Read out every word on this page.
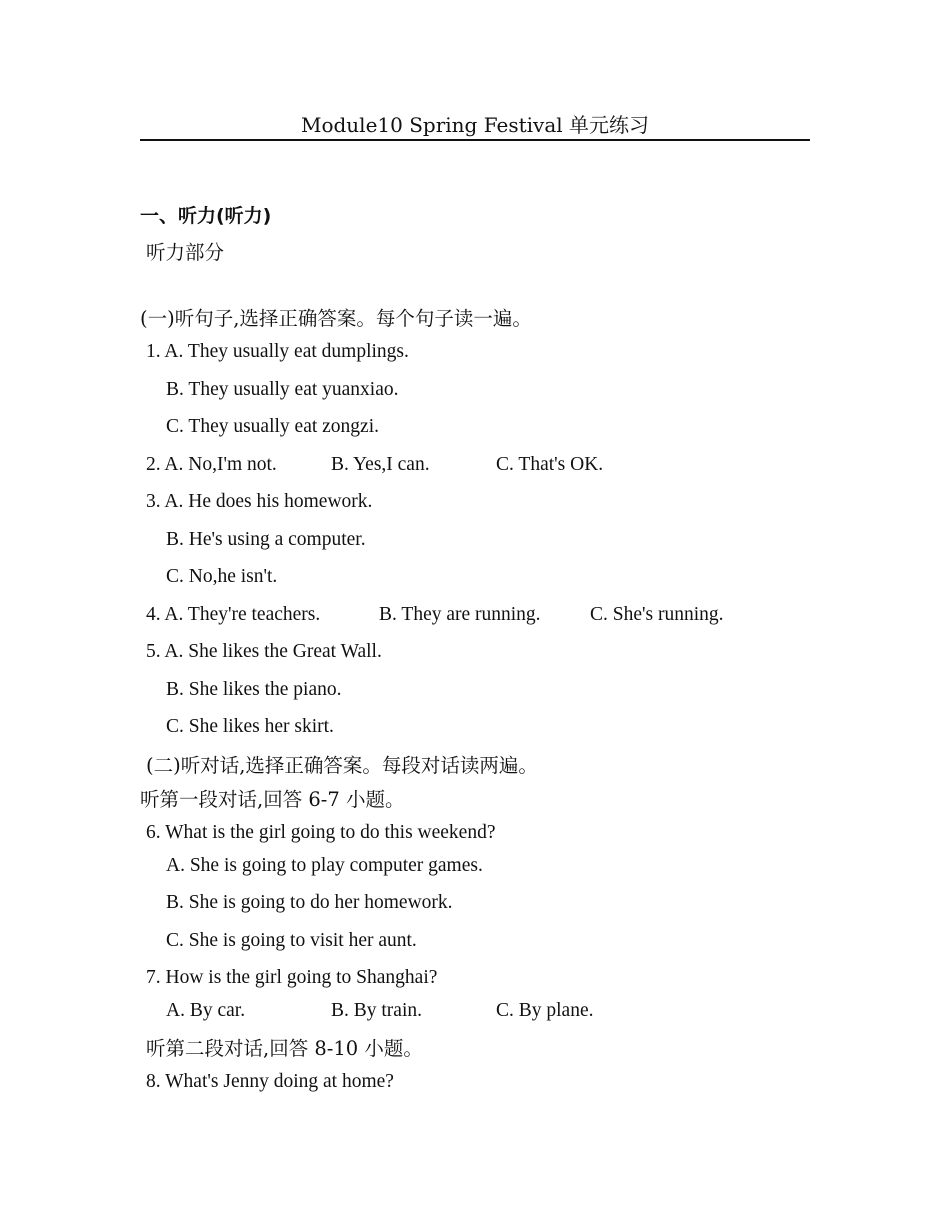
Module10 Spring Festival 单元练习
一、听力(听力)
听力部分
(一)听句子,选择正确答案。每个句子读一遍。
1. A. They usually eat dumplings.
B. They usually eat yuanxiao.
C. They usually eat zongzi.
2. A. No,I'm not.	B. Yes,I can.	C. That's OK.
3. A. He does his homework.
B. He's using a computer.
C. No,he isn't.
4. A. They're teachers.	B. They are running.	C. She's running.
5. A. She likes the Great Wall.
B. She likes the piano.
C. She likes her skirt.
(二)听对话,选择正确答案。每段对话读两遍。
听第一段对话,回答 6-7 小题。
6. What is the girl going to do this weekend?
A. She is going to play computer games.
B. She is going to do her homework.
C. She is going to visit her aunt.
7. How is the girl going to Shanghai?
A. By car.	B. By train.	C. By plane.
听第二段对话,回答 8-10 小题。
8. What's Jenny doing at home?
